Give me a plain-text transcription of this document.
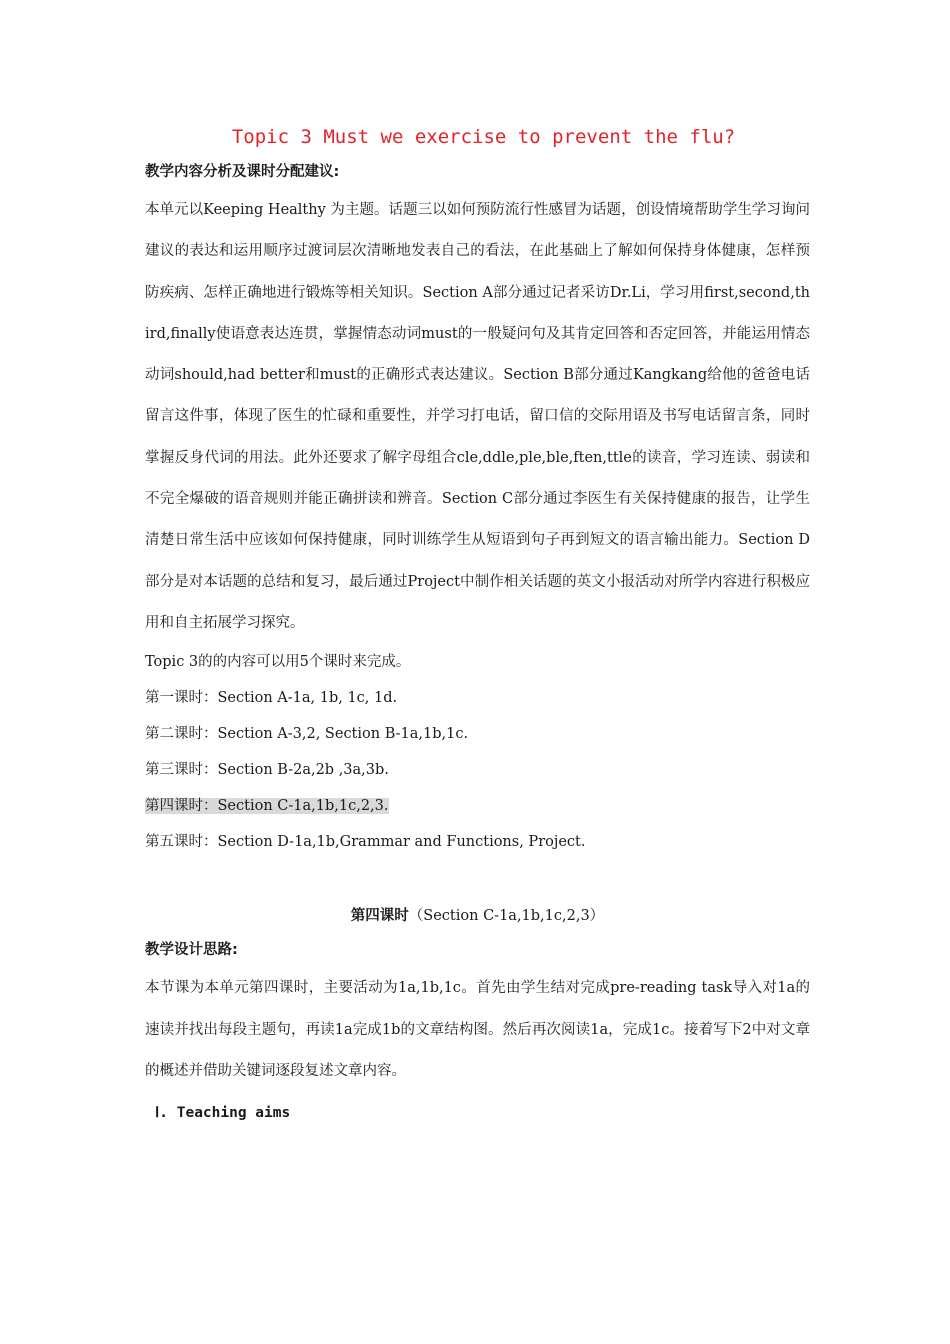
Topic 3 Must we exercise to prevent the flu?
教学内容分析及课时分配建议:

本单元以Keeping Healthy 为主题。话题三以如何预防流行性感冒为话题，创设情境帮助学生学习询问建议的表达和运用顺序过渡词层次清晰地发表自己的看法，在此基础上了解如何保持身体健康，怎样预防疾病、怎样正确地进行锻炼等相关知识。Section A部分通过记者采访Dr.Li，学习用first,second,third,finally使语意表达连贯，掌握情态动词must的一般疑问句及其肯定回答和否定回答，并能运用情态动词should,had better和must的正确形式表达建议。Section B部分通过Kangkang给他的爸爸电话留言这件事，体现了医生的忙碌和重要性，并学习打电话，留口信的交际用语及书写电话留言条，同时掌握反身代词的用法。此外还要求了解字母组合cle,ddle,ple,ble,ften,ttle的读音，学习连读、弱读和不完全爆破的语音规则并能正确拼读和辨音。Section C部分通过李医生有关保持健康的报告，让学生清楚日常生活中应该如何保持健康，同时训练学生从短语到句子再到短文的语言输出能力。Section D部分是对本话题的总结和复习，最后通过Project中制作相关话题的英文小报活动对所学内容进行积极应用和自主拓展学习探究。

Topic 3的的内容可以用5个课时来完成。

第一课时：Section A-1a, 1b, 1c, 1d.

第二课时：Section A-3,2, Section B-1a,1b,1c.

第三课时：Section B-2a,2b ,3a,3b.

第四课时：Section C-1a,1b,1c,2,3.

第五课时：Section D-1a,1b,Grammar and Functions, Project.

第四课时（Section C-1a,1b,1c,2,3）
教学设计思路:

本节课为本单元第四课时，主要活动为1a,1b,1c。首先由学生结对完成pre-reading task导入对1a的速读并找出每段主题句，再读1a完成1b的文章结构图。然后再次阅读1a，完成1c。接着写下2中对文章的概述并借助关键词逐段复述文章内容。

Ⅰ. Teaching aims
